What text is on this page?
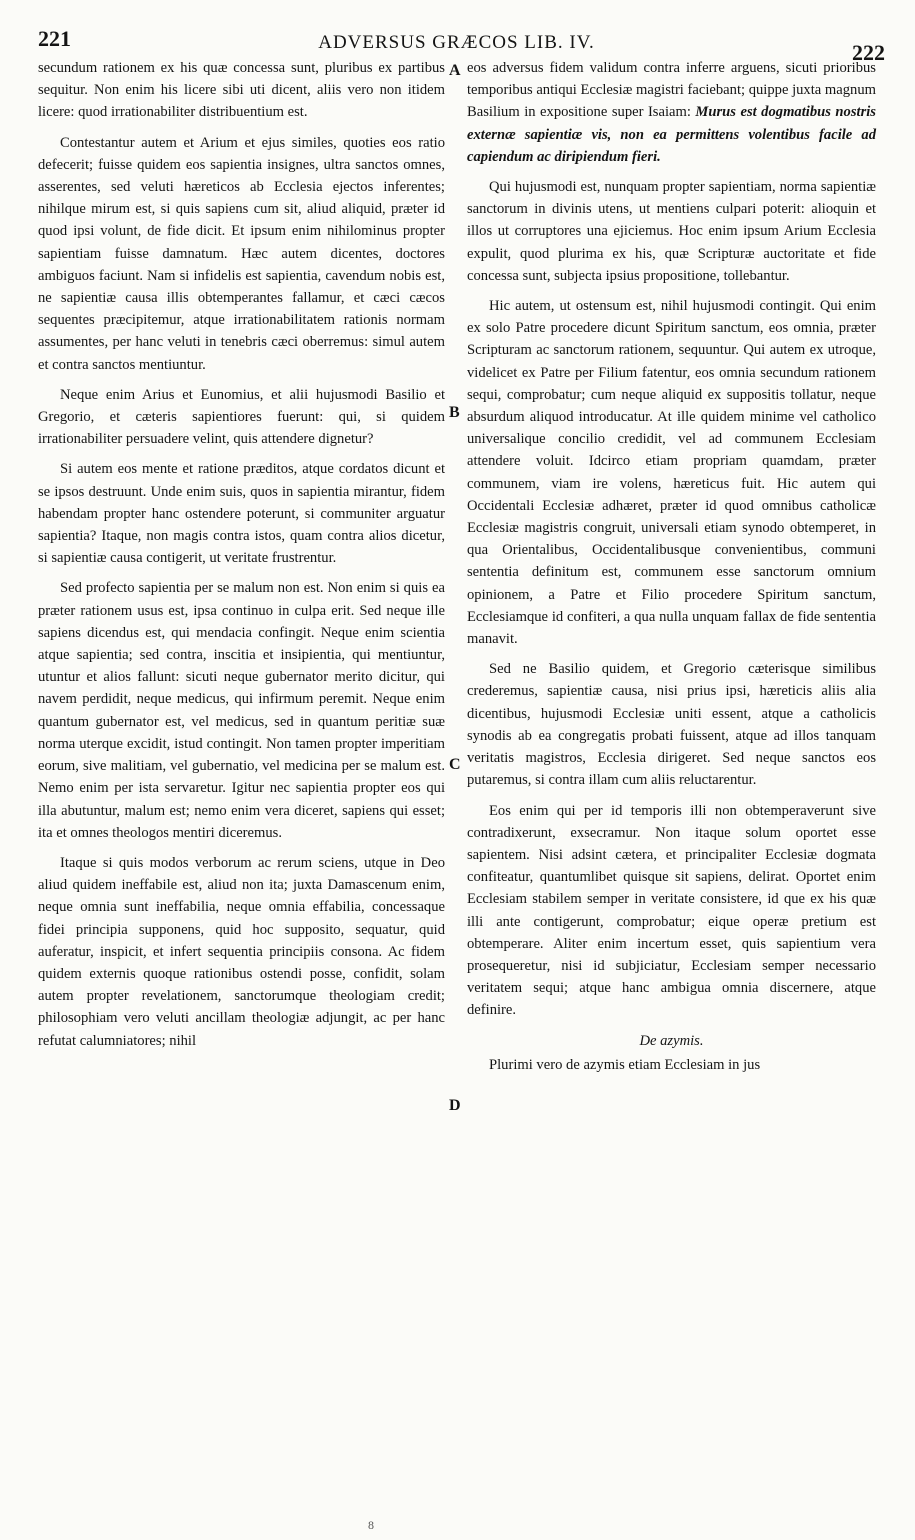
221	ADVERSUS GRÆCOS LIB. IV.	222

secundum rationem ex his quæ concessa sunt, pluribus ex partibus sequitur. Non enim his licere sibi uti dicent, aliis vero non itidem licere: quod irrationabiliter distribuentium est.

Contestantur autem et Arium et ejus similes, quoties eos ratio defecerit; fuisse quidem eos sapientia insignes, ultra sanctos omnes, asserentes, sed veluti hæreticos ab Ecclesia ejectos inferentes; nihilque mirum est, si quis sapiens cum sit, aliud aliquid, præter id quod ipsi volunt, de fide dicit. Et ipsum enim nihilominus propter sapientiam fuisse damnatum. Hæc autem dicentes, doctores ambiguos faciunt. Nam si infidelis est sapientia, cavendum nobis est, ne sapientiæ causa illis obtemperantes fallamur, et cæci cæcos sequentes præcipitemur, atque irrationabilitatem rationis normam assumentes, per hanc veluti in tenebris cæci oberremus: simul autem et contra sanctos mentiuntur.

Neque enim Arius et Eunomius, et alii hujusmodi Basilio et Gregorio, et cæteris sapientiores fuerunt: qui, si quidem irrationabiliter persuadere velint, quis attendere dignetur?

Si autem eos mente et ratione præditos, atque cordatos dicunt et se ipsos destruunt. Unde enim suis, quos in sapientia mirantur, fidem habendam propter hanc ostendere poterunt, si communiter arguatur sapientia? Itaque, non magis contra istos, quam contra alios dicetur, si sapientiæ causa contigerit, ut veritate frustrentur.

Sed profecto sapientia per se malum non est. Non enim si quis ea præter rationem usus est, ipsa continuo in culpa erit. Sed neque ille sapiens dicendus est, qui mendacia confingit. Neque enim scientia atque sapientia; sed contra, inscitia et insipientia, qui mentiuntur, utuntur et alios fallunt: sicuti neque gubernator merito dicitur, qui navem perdidit, neque medicus, qui infirmum peremit. Neque enim quantum gubernator est, vel medicus, sed in quantum peritiæ suæ norma uterque excidit, istud contingit. Non tamen propter imperitiam eorum, sive malitiam, vel gubernatio, vel medicina per se malum est. Nemo enim per ista servaretur. Igitur nec sapientia propter eos qui illa abutuntur, malum est; nemo enim vera diceret, sapiens qui esset; ita et omnes theologos mentiri diceremus.

Itaque si quis modos verborum ac rerum sciens, utque in Deo aliud quidem ineffabile est, aliud non ita; juxta Damascenum enim, neque omnia sunt ineffabilia, neque omnia effabilia, concessaque fidei principia supponens, quid hoc supposito, sequatur, quid auferatur, inspicit, et infert sequentia principiis consona. Ac fidem quidem externis quoque rationibus ostendi posse, confidit, solam autem propter revelationem, sanctorumque theologiam credit; philosophiam vero veluti ancillam theologiæ adjungit, ac per hanc refutat calumniatores; nihil

A
B
C
D

eos adversus fidem validum contra inferre arguens, sicuti prioribus temporibus antiqui Ecclesiæ magistri faciebant; quippe juxta magnum Basilium in expositione super Isaiam: Murus est dogmatibus nostris externæ sapientiæ vis, non ea permittens volentibus facile ad capiendum ac diripiendum fieri.

Qui hujusmodi est, nunquam propter sapientiam, norma sapientiæ sanctorum in divinis utens, ut mentiens culpari poterit: alioquin et illos ut corruptores una ejiciemus. Hoc enim ipsum Arium Ecclesia expulit, quod plurima ex his, quæ Scripturæ auctoritate et fide concessa sunt, subjecta ipsius propositione, tollebantur.

Hic autem, ut ostensum est, nihil hujusmodi contingit. Qui enim ex solo Patre procedere dicunt Spiritum sanctum, eos omnia, præter Scripturam ac sanctorum rationem, sequuntur. Qui autem ex utroque, videlicet ex Patre per Filium fatentur, eos omnia secundum rationem sequi, comprobatur; cum neque aliquid ex suppositis tollatur, neque absurdum aliquod introducatur. At ille quidem minime vel catholico universalique concilio credidit, vel ad communem Ecclesiam attendere voluit. Idcirco etiam propriam quamdam, præter communem, viam ire volens, hæreticus fuit. Hic autem qui Occidentali Ecclesiæ adhæret, præter id quod omnibus catholicæ Ecclesiæ magistris congruit, universali etiam synodo obtemperet, in qua Orientalibus, Occidentalibusque convenientibus, communi sententia definitum est, communem esse sanctorum omnium opinionem, a Patre et Filio procedere Spiritum sanctum, Ecclesiamque id confiteri, a qua nulla unquam fallax de fide sententia manavit.

Sed ne Basilio quidem, et Gregorio cæterisque similibus crederemus, sapientiæ causa, nisi prius ipsi, hæreticis aliis alia dicentibus, hujusmodi Ecclesiæ uniti essent, atque a catholicis synodis ab ea congregatis probati fuissent, atque ad illos tanquam veritatis magistros, Ecclesia dirigeret. Sed neque sanctos eos putaremus, si contra illam cum aliis reluctarentur.

Eos enim qui per id temporis illi non obtemperaverunt sive contradixerunt, exsecramur. Non itaque solum oportet esse sapientem. Nisi adsint cætera, et principaliter Ecclesiæ dogmata confiteatur, quantumlibet quisque sit sapiens, delirat. Oportet enim Ecclesiam stabilem semper in veritate consistere, id que ex his quæ illi ante contigerunt, comprobatur; eique operæ pretium est obtemperare. Aliter enim incertum esset, quis sapientium vera prosequeretur, nisi id subjiciatur, Ecclesiam semper necessario veritatem sequi; atque hanc ambigua omnia discernere, atque definire.

De azymis.

Plurimi vero de azymis etiam Ecclesiam in jus

8
